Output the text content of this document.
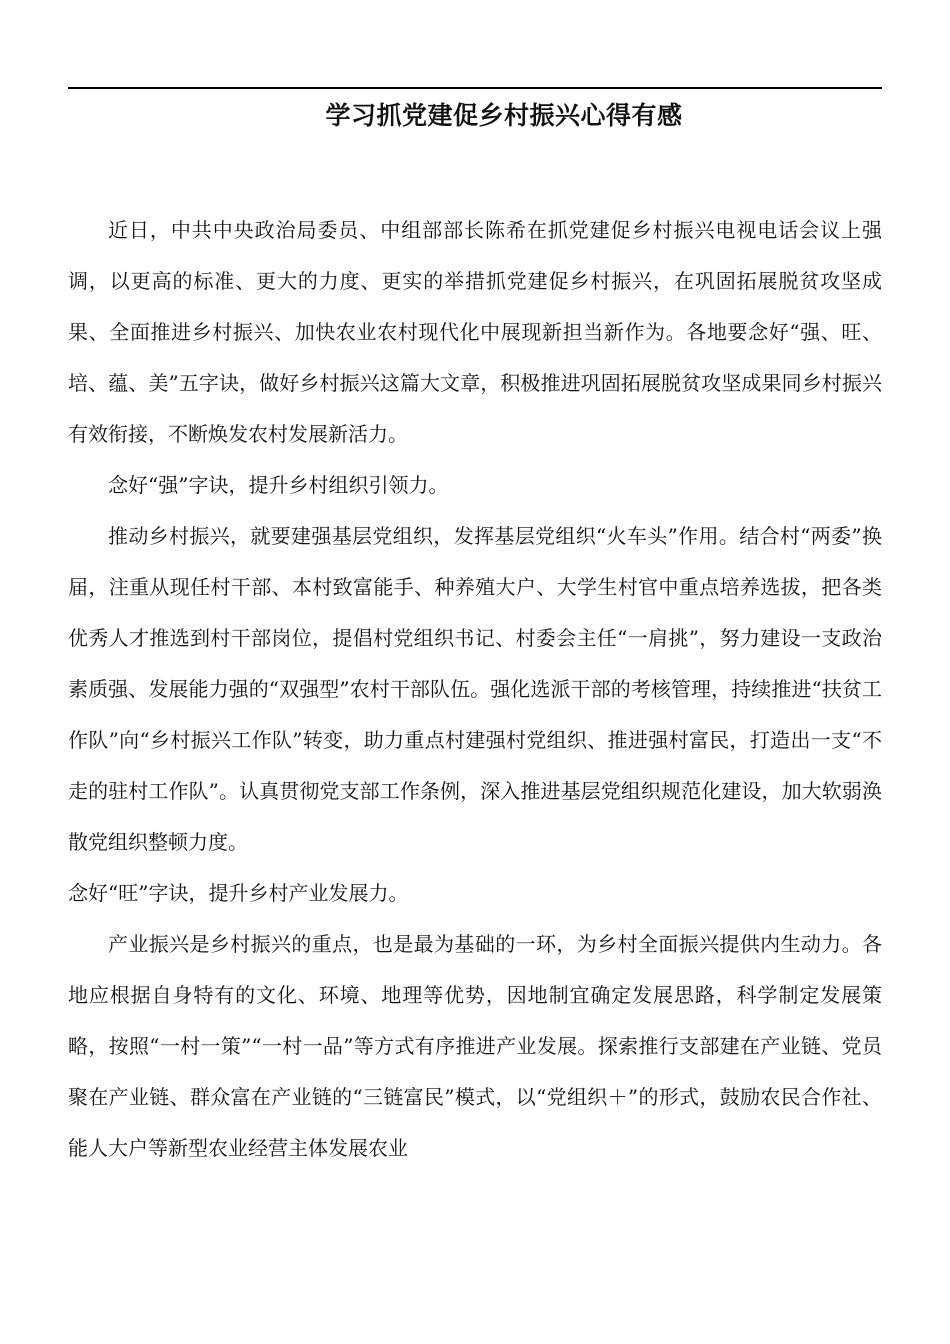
学习抓党建促乡村振兴心得有感

近日，中共中央政治局委员、中组部部长陈希在抓党建促乡村振兴电视电话会议上强调，以更高的标准、更大的力度、更实的举措抓党建促乡村振兴，在巩固拓展脱贫攻坚成果、全面推进乡村振兴、加快农业农村现代化中展现新担当新作为。各地要念好“强、旺、培、蕴、美”五字诀，做好乡村振兴这篇大文章，积极推进巩固拓展脱贫攻坚成果同乡村振兴有效衔接，不断焕发农村发展新活力。

念好“强”字诀，提升乡村组织引领力。

推动乡村振兴，就要建强基层党组织，发挥基层党组织“火车头”作用。结合村“两委”换届，注重从现任村干部、本村致富能手、种养殖大户、大学生村官中重点培养选拔，把各类优秀人才推选到村干部岗位，提倡村党组织书记、村委会主任“一肩挑”，努力建设一支政治素质强、发展能力强的“双强型”农村干部队伍。强化选派干部的考核管理，持续推进“扶贫工作队”向“乡村振兴工作队”转变，助力重点村建强村党组织、推进强村富民，打造出一支“不走的驻村工作队”。认真贯彻党支部工作条例，深入推进基层党组织规范化建设，加大软弱涣散党组织整顿力度。

念好“旺”字诀，提升乡村产业发展力。

产业振兴是乡村振兴的重点，也是最为基础的一环，为乡村全面振兴提供内生动力。各地应根据自身特有的文化、环境、地理等优势，因地制宜确定发展思路，科学制定发展策略，按照“一村一策”“一村一品”等方式有序推进产业发展。探索推行支部建在产业链、党员聚在产业链、群众富在产业链的“三链富民”模式，以“党组织＋”的形式，鼓励农民合作社、能人大户等新型农业经营主体发展农业
